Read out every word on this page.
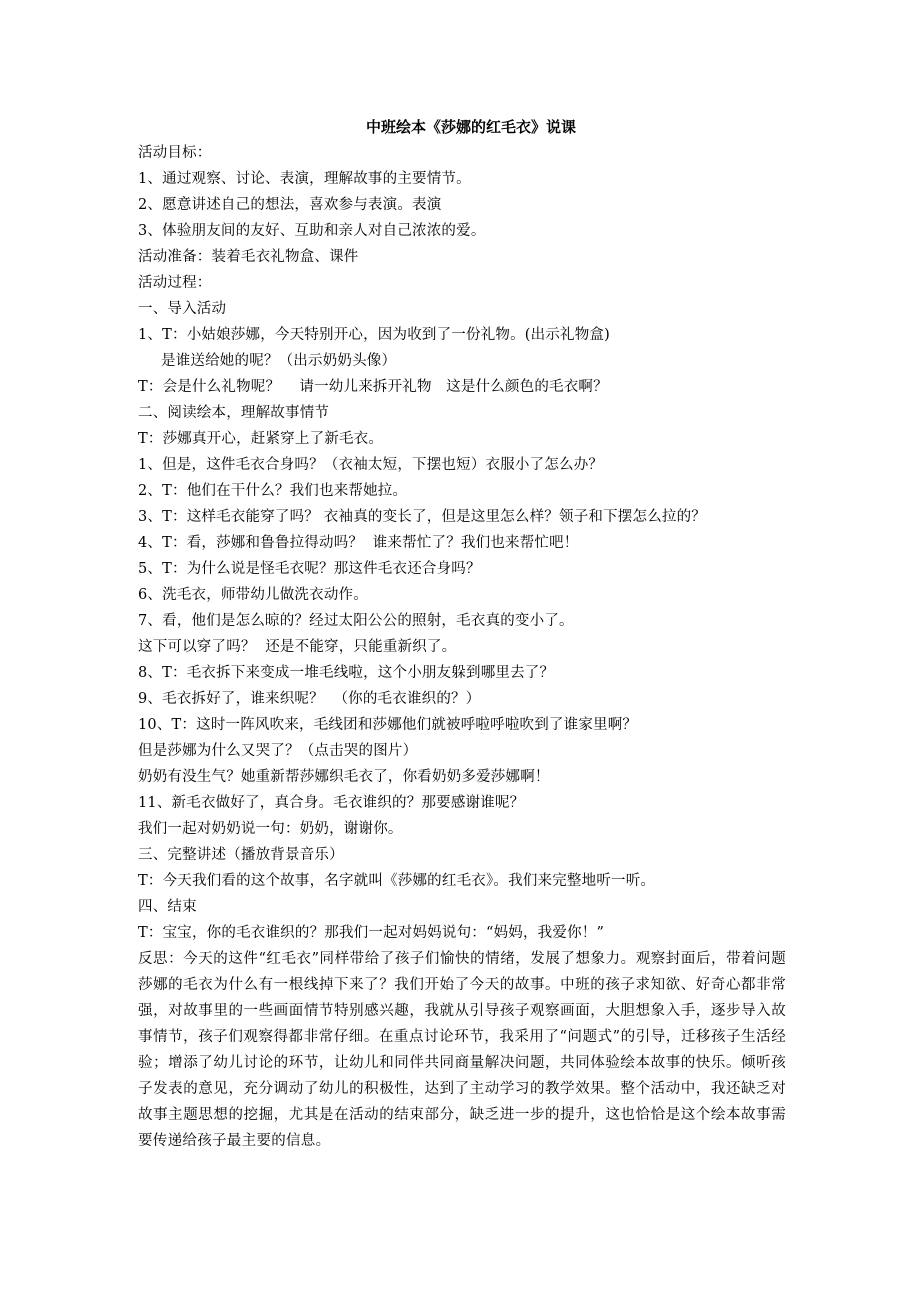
中班绘本《莎娜的红毛衣》说课
活动目标：
1、通过观察、讨论、表演，理解故事的主要情节。
2、愿意讲述自己的想法，喜欢参与表演。表演
3、体验朋友间的友好、互助和亲人对自己浓浓的爱。
活动准备：装着毛衣礼物盒、课件
活动过程：
一、导入活动
1、T：小姑娘莎娜，今天特别开心，因为收到了一份礼物。(出示礼物盒)
是谁送给她的呢？（出示奶奶头像）
T：会是什么礼物呢？    请一幼儿来拆开礼物   这是什么颜色的毛衣啊？
二、阅读绘本，理解故事情节
T：莎娜真开心，赶紧穿上了新毛衣。
1、但是，这件毛衣合身吗？（衣袖太短，下摆也短）衣服小了怎么办？
2、T：他们在干什么？我们也来帮她拉。
3、T：这样毛衣能穿了吗？ 衣袖真的变长了，但是这里怎么样？领子和下摆怎么拉的？
4、T：看，莎娜和鲁鲁拉得动吗？  谁来帮忙了？我们也来帮忙吧！
5、T：为什么说是怪毛衣呢？那这件毛衣还合身吗？
6、洗毛衣，师带幼儿做洗衣动作。
7、看，他们是怎么晾的？经过太阳公公的照射，毛衣真的变小了。
这下可以穿了吗？  还是不能穿，只能重新织了。
8、T：毛衣拆下来变成一堆毛线啦，这个小朋友躲到哪里去了？
9、毛衣拆好了，谁来织呢？  （你的毛衣谁织的？）
10、T：这时一阵风吹来，毛线团和莎娜他们就被呼啦呼啦吹到了谁家里啊？
但是莎娜为什么又哭了？（点击哭的图片）
奶奶有没生气？她重新帮莎娜织毛衣了，你看奶奶多爱莎娜啊！
11、新毛衣做好了，真合身。毛衣谁织的？那要感谢谁呢？
我们一起对奶奶说一句：奶奶，谢谢你。
三、完整讲述（播放背景音乐）
T：今天我们看的这个故事，名字就叫《莎娜的红毛衣》。我们来完整地听一听。
四、结束
T：宝宝，你的毛衣谁织的？那我们一起对妈妈说句：“妈妈，我爱你！”
反思：今天的这件“红毛衣”同样带给了孩子们愉快的情绪，发展了想象力。观察封面后，带着问题 莎娜的毛衣为什么有一根线掉下来了？我们开始了今天的故事。中班的孩子求知欲、好奇心都非常强，对故事里的一些画面情节特别感兴趣，我就从引导孩子观察画面，大胆想象入手，逐步导入故事情节，孩子们观察得都非常仔细。在重点讨论环节，我采用了“问题式”的引导，迁移孩子生活经验；增添了幼儿讨论的环节，让幼儿和同伴共同商量解决问题，共同体验绘本故事的快乐。倾听孩子发表的意见，充分调动了幼儿的积极性，达到了主动学习的教学效果。整个活动中，我还缺乏对故事主题思想的挖掘，尤其是在活动的结束部分，缺乏进一步的提升，这也恰恰是这个绘本故事需要传递给孩子最主要的信息。
